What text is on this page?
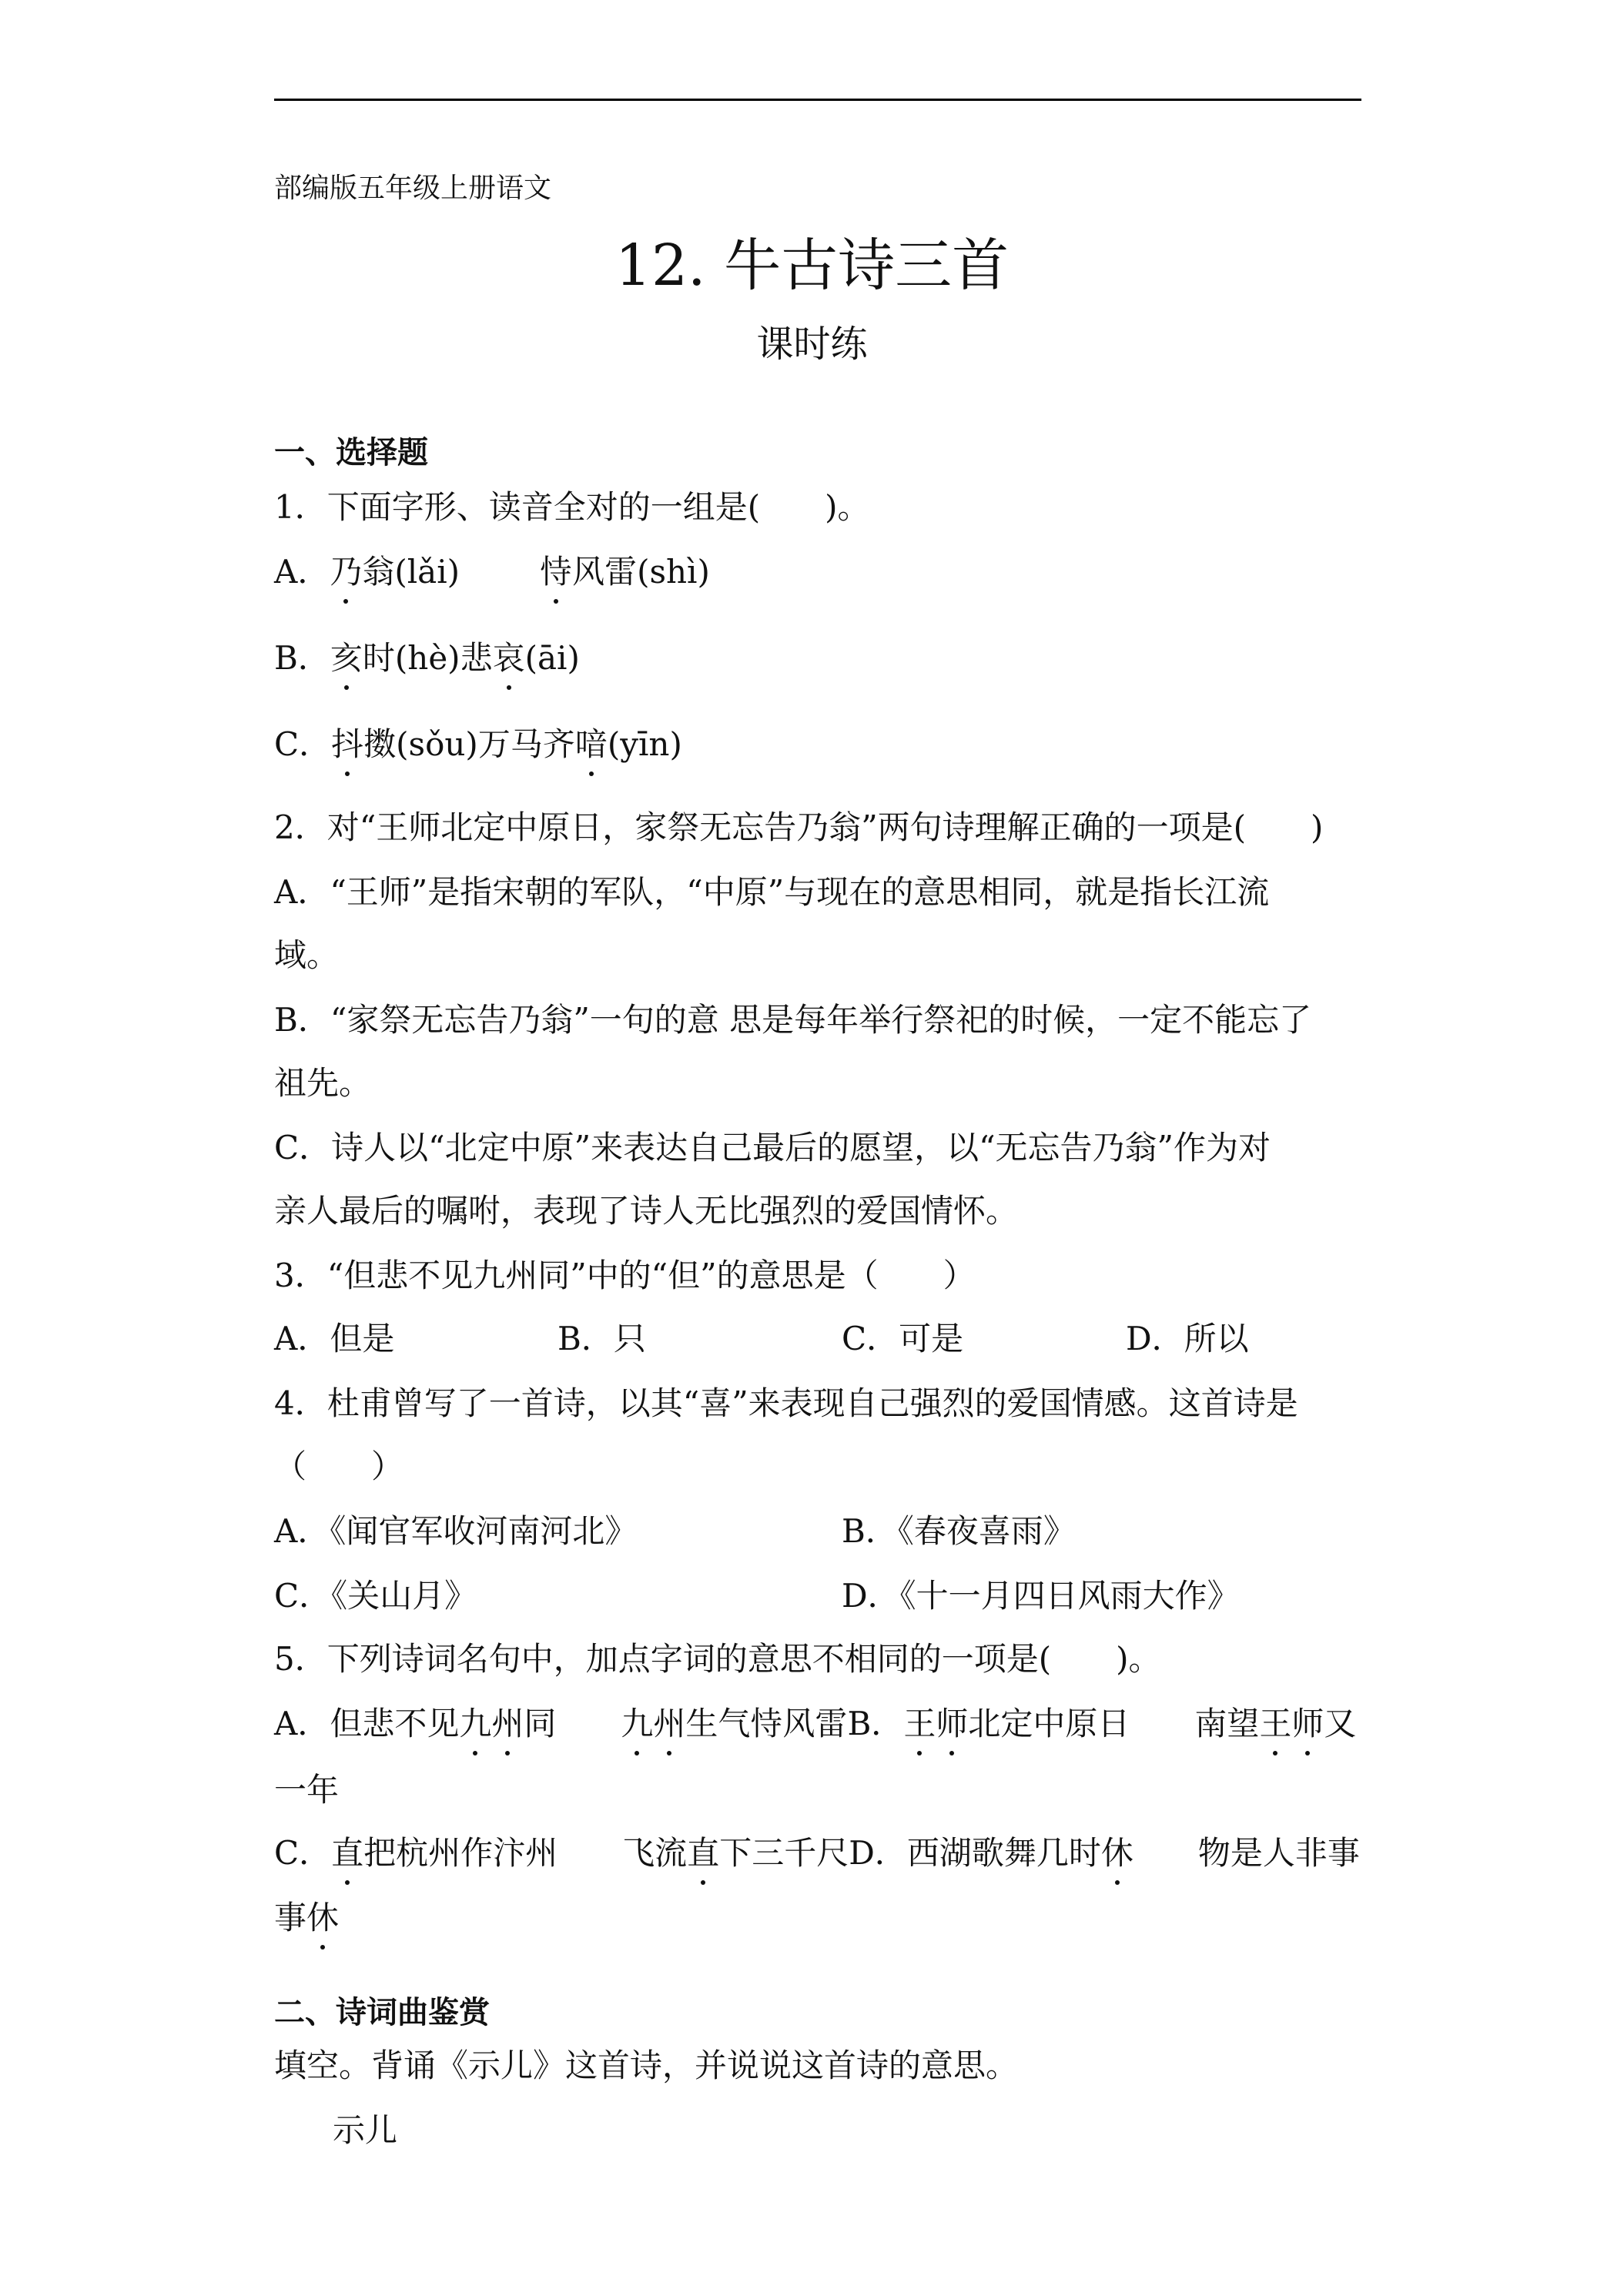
部编版五年级上册语文
12. 牛古诗三首
课时练
一、选择题
1．下面字形、读音全对的一组是(　　)。
A．乃翁(lǎi) 恃风雷(shì)
B．亥时(hè)悲哀(āi)
C．抖擞(sǒu)万马齐喑(yīn)
2．对“王师北定中原日，家祭无忘告乃翁”两句诗理解正确的一项是(　　)
A．“王师”是指宋朝的军队，“中原”与现在的意思相同，就是指长江流
域。
B．“家祭无忘告乃翁”一句的意 思是每年举行祭祀的时候，一定不能忘了
祖先。
C．诗人以“北定中原”来表达自己最后的愿望，以“无忘告乃翁”作为对
亲人最后的嘱咐，表现了诗人无比强烈的爱国情怀。
3．“但悲不见九州同”中的“但”的意思是（　　）
A．但是	B．只	C．可是	D．所以
4．杜甫曾写了一首诗，以其“喜”来表现自己强烈的爱国情感。这首诗是
（　　）
A．《闻官军收河南河北》	B．《春夜喜雨》
C．《关山月》	D．《十一月四日风雨大作》
5．下列诗词名句中，加点字词的意思不相同的一项是(　　)。
A．但悲不见九州同　　九州生气恃风雷B．王师北定中原日　　南望王师又
一年
C．直把杭州作汴州　　飞流直下三千尺D．西湖歌舞几时休　　物是人非事
事休
二、诗词曲鉴赏
填空。背诵《示儿》这首诗，并说说这首诗的意思。
示儿
